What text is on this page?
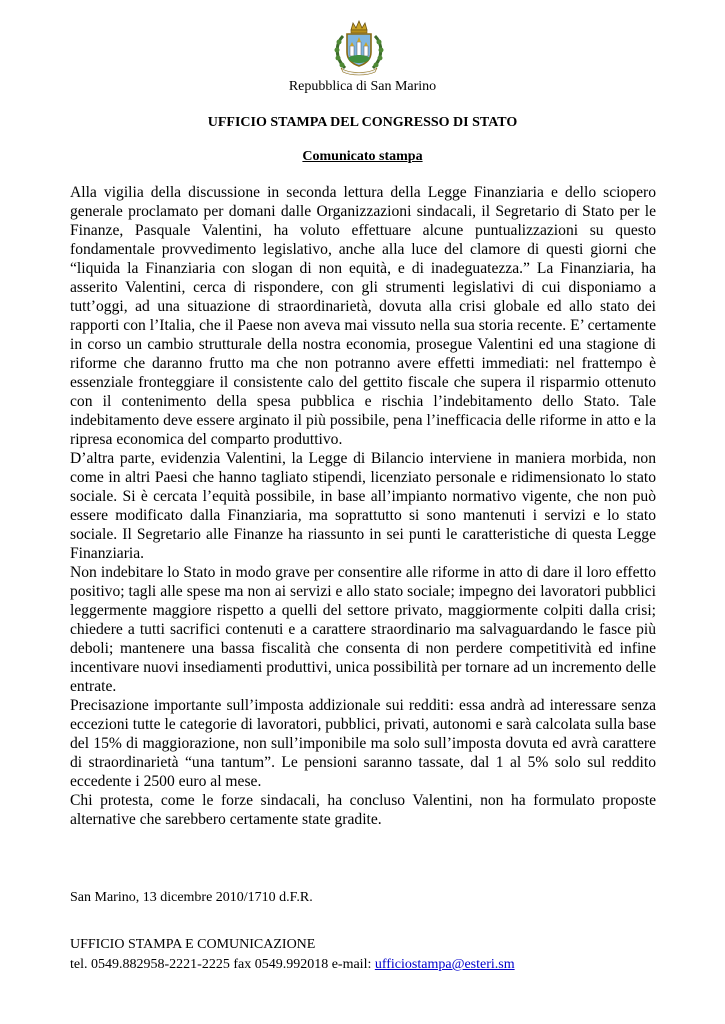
Repubblica di San Marino
UFFICIO STAMPA DEL CONGRESSO DI STATO
Comunicato stampa

Alla vigilia della discussione in seconda lettura della Legge Finanziaria e dello sciopero generale proclamato per domani dalle Organizzazioni sindacali, il Segretario di Stato per le Finanze, Pasquale Valentini, ha voluto effettuare alcune puntualizzazioni su questo fondamentale provvedimento legislativo, anche alla luce del clamore di questi giorni che “liquida la Finanziaria con slogan di non equità, e di inadeguatezza.” La Finanziaria, ha asserito Valentini, cerca di rispondere, con gli strumenti legislativi di cui disponiamo a tutt’oggi, ad una situazione di straordinarietà, dovuta alla crisi globale ed allo stato dei rapporti con l’Italia, che il Paese non aveva mai vissuto nella sua storia recente. E’ certamente in corso un cambio strutturale della nostra economia, prosegue Valentini ed una stagione di riforme che daranno frutto ma che non potranno avere effetti immediati: nel frattempo è essenziale fronteggiare il consistente calo del gettito fiscale che supera il risparmio ottenuto con il contenimento della spesa pubblica e rischia l’indebitamento dello Stato. Tale indebitamento deve essere arginato il più possibile, pena l’inefficacia delle riforme in atto e la ripresa economica del comparto produttivo.

D’altra parte, evidenzia Valentini, la Legge di Bilancio interviene in maniera morbida, non come in altri Paesi che hanno tagliato stipendi, licenziato personale e ridimensionato lo stato sociale. Si è cercata l’equità possibile, in base all’impianto normativo vigente, che non può essere modificato dalla Finanziaria, ma soprattutto si sono mantenuti i servizi e lo stato sociale. Il Segretario alle Finanze ha riassunto in sei punti le caratteristiche di questa Legge Finanziaria.

Non indebitare lo Stato in modo grave per consentire alle riforme in atto di dare il loro effetto positivo; tagli alle spese ma non ai servizi e allo stato sociale; impegno dei lavoratori pubblici leggermente maggiore rispetto a quelli del settore privato, maggiormente colpiti dalla crisi; chiedere a tutti sacrifici contenuti e a carattere straordinario ma salvaguardando le fasce più deboli; mantenere una bassa fiscalità che consenta di non perdere competitività ed infine incentivare nuovi insediamenti produttivi, unica possibilità per tornare ad un incremento delle entrate.

Precisazione importante sull’imposta addizionale sui redditi: essa andrà ad interessare senza eccezioni tutte le categorie di lavoratori, pubblici, privati, autonomi e sarà calcolata sulla base del 15% di maggiorazione, non sull’imponibile ma solo sull’imposta dovuta ed avrà carattere di straordinarietà “una tantum”. Le pensioni saranno tassate, dal 1 al 5% solo sul reddito eccedente i 2500 euro al mese.

Chi protesta, come le forze sindacali, ha concluso Valentini, non ha formulato proposte alternative che sarebbero certamente state gradite.

San Marino, 13 dicembre 2010/1710 d.F.R.
UFFICIO STAMPA E COMUNICAZIONE
tel. 0549.882958-2221-2225 fax 0549.992018 e-mail: ufficiostampa@esteri.sm
